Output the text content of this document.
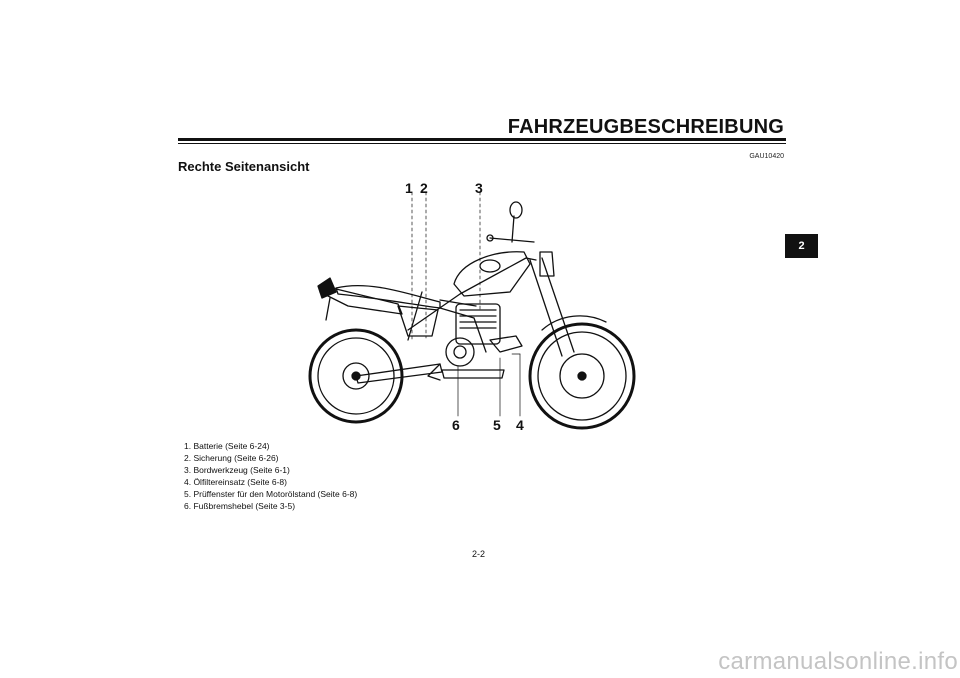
FAHRZEUGBESCHREIBUNG
GAU10420
Rechte Seitenansicht
2
1 2	3
4
5
6
1. Batterie (Seite 6-24)
2. Sicherung (Seite 6-26)
3. Bordwerkzeug (Seite 6-1)
4. Ölfiltereinsatz (Seite 6-8)
5. Prüffenster für den Motorölstand (Seite 6-8)
6. Fußbremshebel (Seite 3-5)
2-2
carmanualsonline.info
